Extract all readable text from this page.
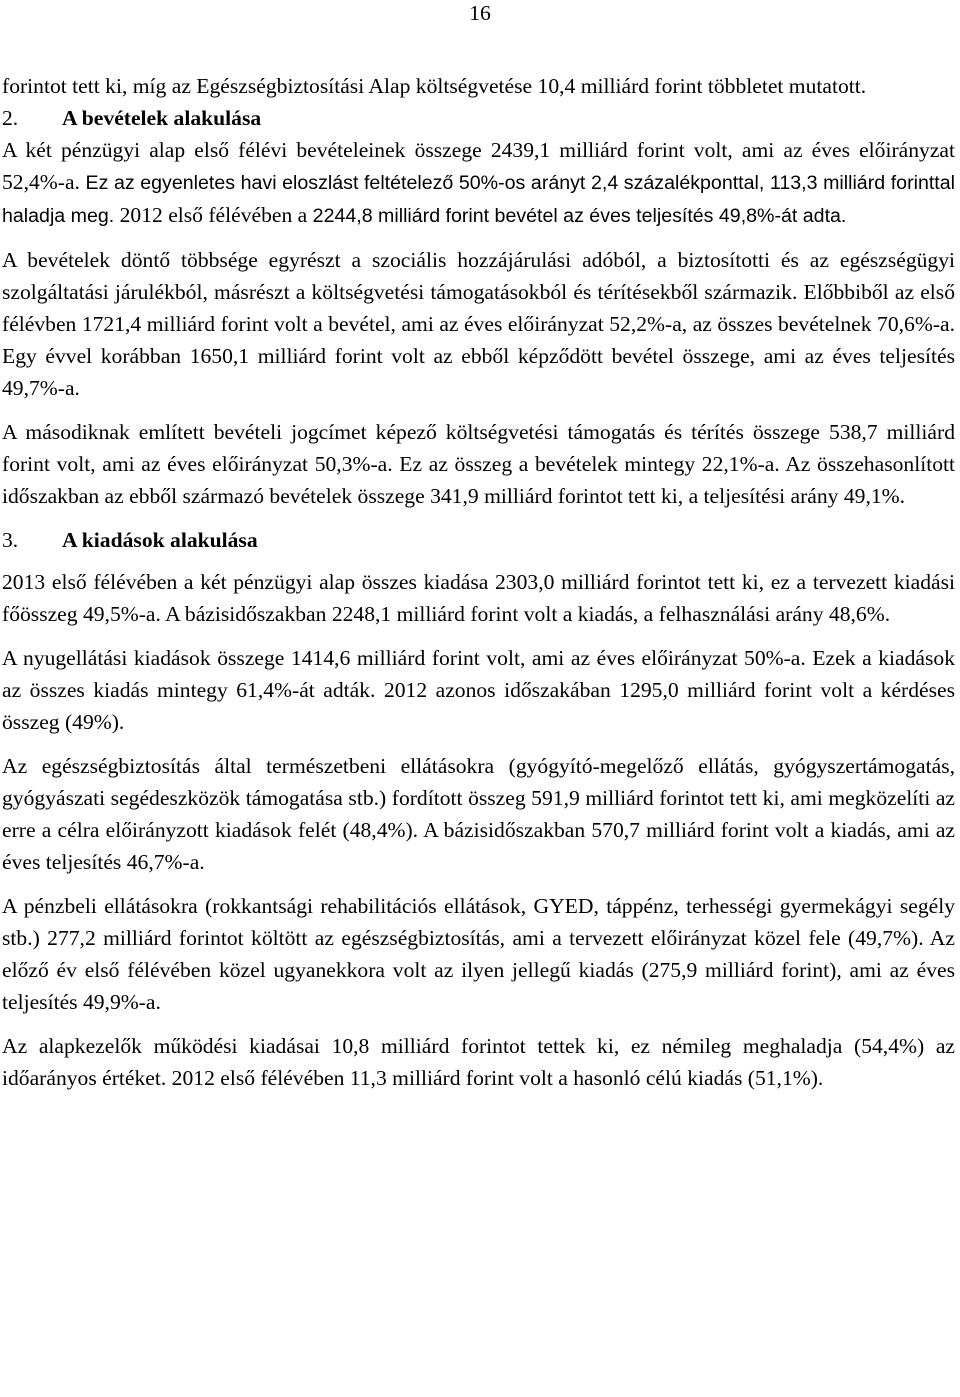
16

forintot tett ki, míg az Egészségbiztosítási Alap költségvetése 10,4 milliárd forint többletet mutatott.

2. A bevételek alakulása

A két pénzügyi alap első félévi bevételeinek összege 2439,1 milliárd forint volt, ami az éves előirányzat 52,4%-a. Ez az egyenletes havi eloszlást feltételező 50%-os arányt 2,4 százalékponttal, 113,3 milliárd forinttal haladja meg. 2012 első félévében a 2244,8 milliárd forint bevétel az éves teljesítés 49,8%-át adta.

A bevételek döntő többsége egyrészt a szociális hozzájárulási adóból, a biztosítotti és az egészségügyi szolgáltatási járulékból, másrészt a költségvetési támogatásokból és térítésekből származik. Előbbiből az első félévben 1721,4 milliárd forint volt a bevétel, ami az éves előirányzat 52,2%-a, az összes bevételnek 70,6%-a. Egy évvel korábban 1650,1 milliárd forint volt az ebből képződött bevétel összege, ami az éves teljesítés 49,7%-a.

A másodiknak említett bevételi jogcímet képező költségvetési támogatás és térítés összege 538,7 milliárd forint volt, ami az éves előirányzat 50,3%-a. Ez az összeg a bevételek mintegy 22,1%-a. Az összehasonlított időszakban az ebből származó bevételek összege 341,9 milliárd forintot tett ki, a teljesítési arány 49,1%.

3. A kiadások alakulása

2013 első félévében a két pénzügyi alap összes kiadása 2303,0 milliárd forintot tett ki, ez a tervezett kiadási főösszeg 49,5%-a. A bázisidőszakban 2248,1 milliárd forint volt a kiadás, a felhasználási arány 48,6%.

A nyugellátási kiadások összege 1414,6 milliárd forint volt, ami az éves előirányzat 50%-a. Ezek a kiadások az összes kiadás mintegy 61,4%-át adták. 2012 azonos időszakában 1295,0 milliárd forint volt a kérdéses összeg (49%).

Az egészségbiztosítás által természetbeni ellátásokra (gyógyító-megelőző ellátás, gyógyszertámogatás, gyógyászati segédeszközök támogatása stb.) fordított összeg 591,9 milliárd forintot tett ki, ami megközelíti az erre a célra előirányzott kiadások felét (48,4%). A bázisidőszakban 570,7 milliárd forint volt a kiadás, ami az éves teljesítés 46,7%-a.

A pénzbeli ellátásokra (rokkantsági rehabilitációs ellátások, GYED, táppénz, terhességi gyermekágyi segély stb.) 277,2 milliárd forintot költött az egészségbiztosítás, ami a tervezett előirányzat közel fele (49,7%). Az előző év első félévében közel ugyanekkora volt az ilyen jellegű kiadás (275,9 milliárd forint), ami az éves teljesítés 49,9%-a.

Az alapkezelők működési kiadásai 10,8 milliárd forintot tettek ki, ez némileg meghaladja (54,4%) az időarányos értéket. 2012 első félévében 11,3 milliárd forint volt a hasonló célú kiadás (51,1%).
